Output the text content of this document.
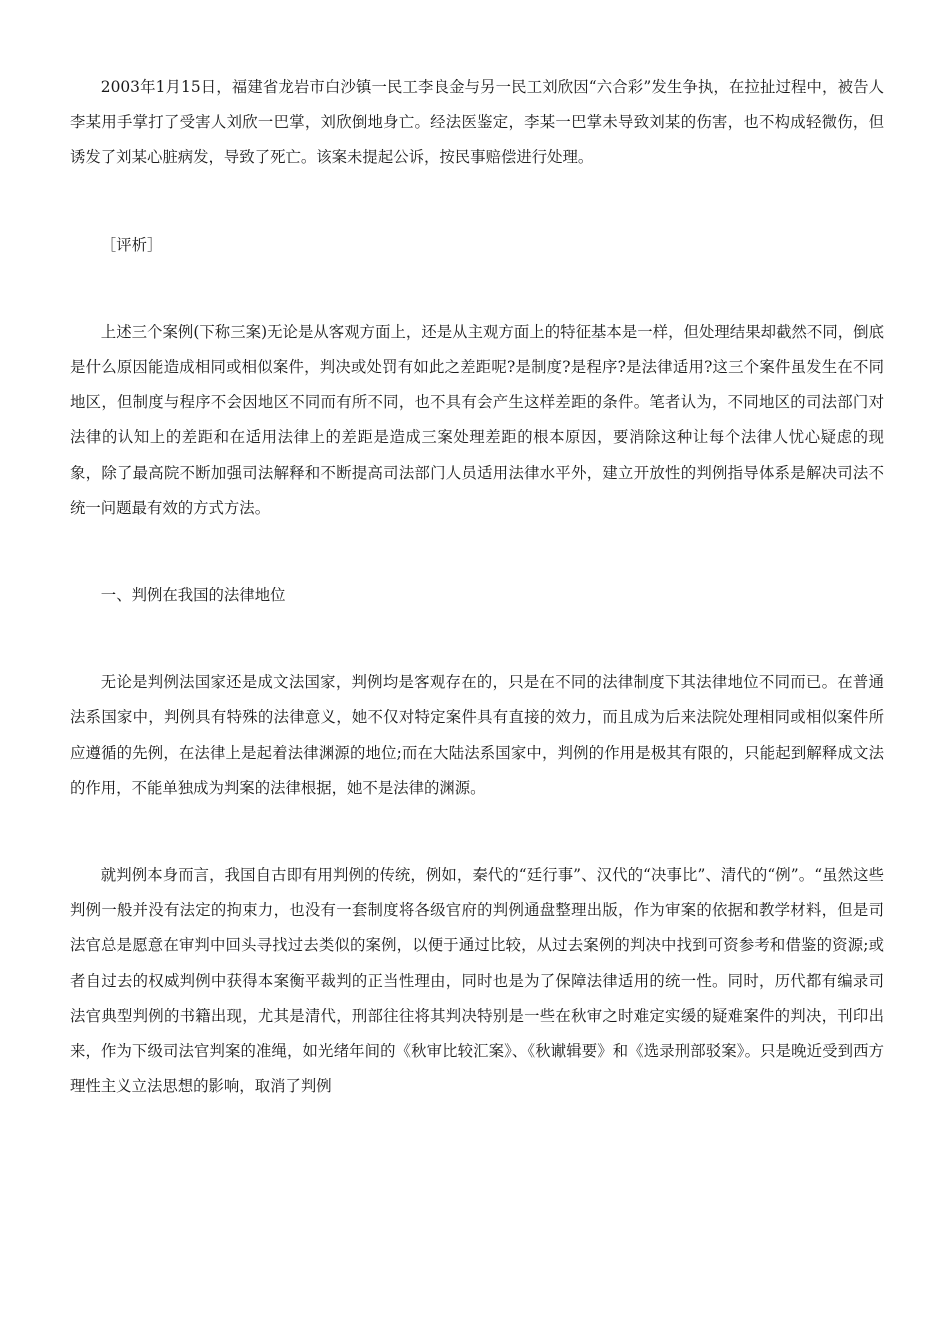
2003年1月15日，福建省龙岩市白沙镇一民工李良金与另一民工刘欣因“六合彩”发生争执，在拉扯过程中，被告人李某用手掌打了受害人刘欣一巴掌，刘欣倒地身亡。经法医鉴定，李某一巴掌未导致刘某的伤害，也不构成轻微伤，但诱发了刘某心脏病发，导致了死亡。该案未提起公诉，按民事赔偿进行处理。

［评析］

上述三个案例(下称三案)无论是从客观方面上，还是从主观方面上的特征基本是一样，但处理结果却截然不同，倒底是什么原因能造成相同或相似案件，判决或处罚有如此之差距呢?是制度?是程序?是法律适用?这三个案件虽发生在不同地区，但制度与程序不会因地区不同而有所不同，也不具有会产生这样差距的条件。笔者认为，不同地区的司法部门对法律的认知上的差距和在适用法律上的差距是造成三案处理差距的根本原因，要消除这种让每个法律人忧心疑虑的现象，除了最高院不断加强司法解释和不断提高司法部门人员适用法律水平外，建立开放性的判例指导体系是解决司法不统一问题最有效的方式方法。

一、判例在我国的法律地位

无论是判例法国家还是成文法国家，判例均是客观存在的，只是在不同的法律制度下其法律地位不同而已。在普通法系国家中，判例具有特殊的法律意义，她不仅对特定案件具有直接的效力，而且成为后来法院处理相同或相似案件所应遵循的先例，在法律上是起着法律渊源的地位;而在大陆法系国家中，判例的作用是极其有限的，只能起到解释成文法的作用，不能单独成为判案的法律根据，她不是法律的渊源。

就判例本身而言，我国自古即有用判例的传统，例如，秦代的“廷行事”、汉代的“决事比”、清代的“例”。“虽然这些判例一般并没有法定的拘束力，也没有一套制度将各级官府的判例通盘整理出版，作为审案的依据和教学材料，但是司法官总是愿意在审判中回头寻找过去类似的案例，以便于通过比较，从过去案例的判决中找到可资参考和借鉴的资源;或者自过去的权威判例中获得本案衡平裁判的正当性理由，同时也是为了保障法律适用的统一性。同时，历代都有编录司法官典型判例的书籍出现，尤其是清代，刑部往往将其判决特别是一些在秋审之时难定实缓的疑难案件的判决，刊印出来，作为下级司法官判案的准绳，如光绪年间的《秋审比较汇案》、《秋谳辑要》和《选录刑部驳案》。只是晚近受到西方理性主义立法思想的影响，取消了判例
